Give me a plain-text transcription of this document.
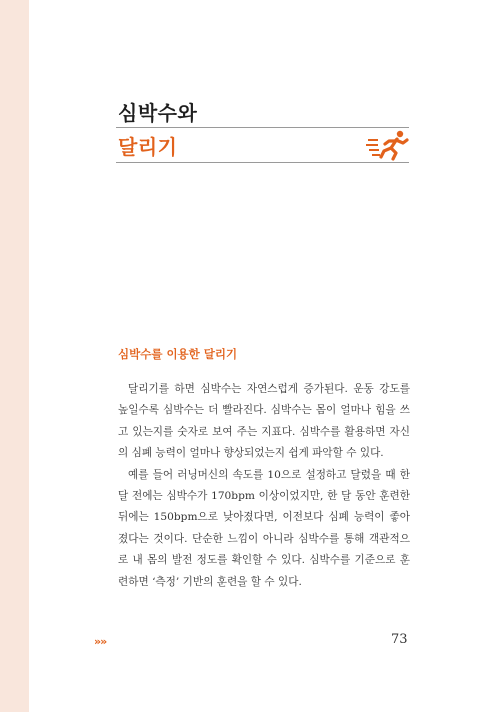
심박수와
달리기
심박수를 이용한 달리기

달리기를 하면 심박수는 자연스럽게 증가된다. 운동 강도를 높일수록 심박수는 더 빨라진다. 심박수는 몸이 얼마나 힘을 쓰고 있는지를 숫자로 보여 주는 지표다. 심박수를 활용하면 자신의 심폐 능력이 얼마나 향상되었는지 쉽게 파악할 수 있다.

예를 들어 러닝머신의 속도를 10으로 설정하고 달렸을 때 한 달 전에는 심박수가 170bpm 이상이었지만, 한 달 동안 훈련한 뒤에는 150bpm으로 낮아졌다면, 이전보다 심폐 능력이 좋아졌다는 것이다. 단순한 느낌이 아니라 심박수를 통해 객관적으로 내 몸의 발전 정도를 확인할 수 있다. 심박수를 기준으로 훈련하면 ‘측정’ 기반의 훈련을 할 수 있다.

»»	73
